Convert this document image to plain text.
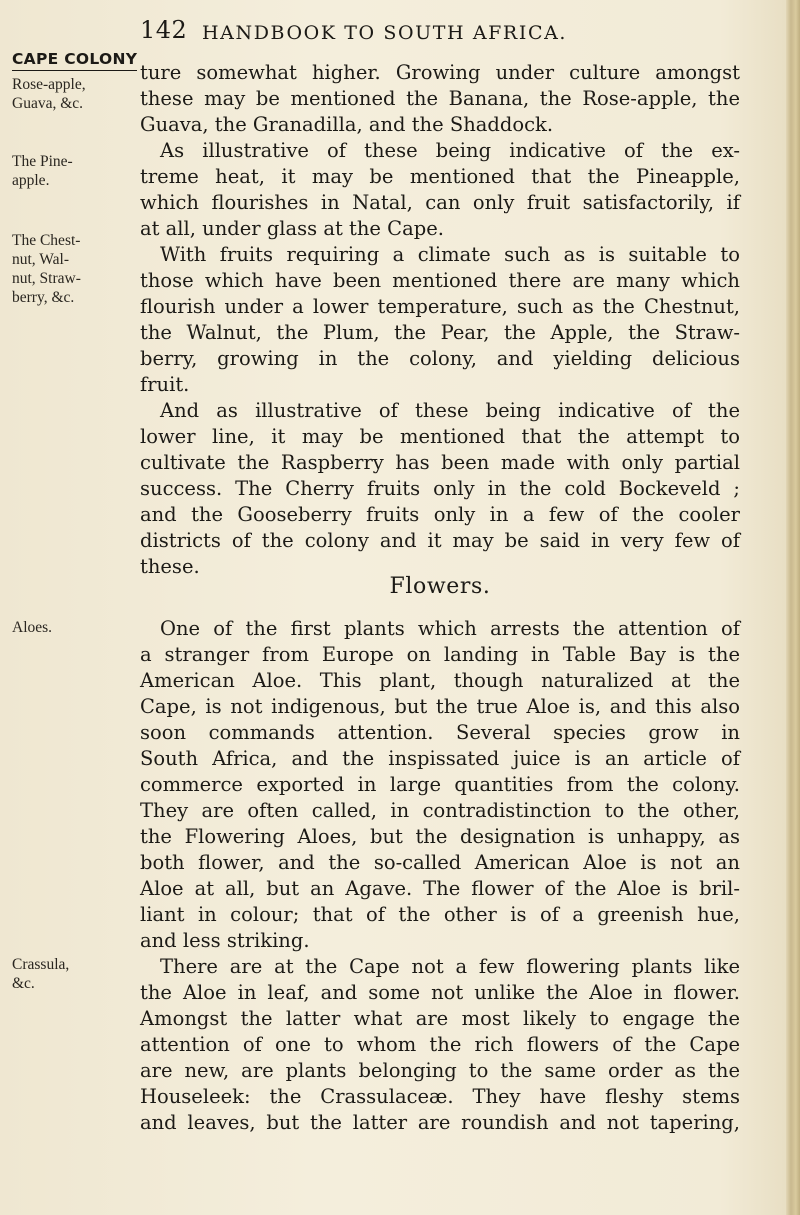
142 HANDBOOK TO SOUTH AFRICA.
CAPE COLONY
Rose-apple,
Guava, &c.
The Pine-
apple.
The Chest-
nut, Wal-
nut, Straw-
berry, &c.
Aloes.
Crassula,
&c.
ture somewhat higher. Growing under culture amongst
these may be mentioned the Banana, the Rose-apple, the
Guava, the Granadilla, and the Shaddock.
As illustrative of these being indicative of the ex-
treme heat, it may be mentioned that the Pineapple,
which flourishes in Natal, can only fruit satisfactorily, if
at all, under glass at the Cape.
With fruits requiring a climate such as is suitable to
those which have been mentioned there are many which
flourish under a lower temperature, such as the Chestnut,
the Walnut, the Plum, the Pear, the Apple, the Straw-
berry, growing in the colony, and yielding delicious
fruit.
And as illustrative of these being indicative of the
lower line, it may be mentioned that the attempt to
cultivate the Raspberry has been made with only partial
success. The Cherry fruits only in the cold Bockeveld ;
and the Gooseberry fruits only in a few of the cooler
districts of the colony and it may be said in very few of
these.
Flowers.
One of the first plants which arrests the attention of
a stranger from Europe on landing in Table Bay is the
American Aloe. This plant, though naturalized at the
Cape, is not indigenous, but the true Aloe is, and this also
soon commands attention. Several species grow in
South Africa, and the inspissated juice is an article of
commerce exported in large quantities from the colony.
They are often called, in contradistinction to the other,
the Flowering Aloes, but the designation is unhappy, as
both flower, and the so-called American Aloe is not an
Aloe at all, but an Agave. The flower of the Aloe is bril-
liant in colour; that of the other is of a greenish hue,
and less striking.
There are at the Cape not a few flowering plants like
the Aloe in leaf, and some not unlike the Aloe in flower.
Amongst the latter what are most likely to engage the
attention of one to whom the rich flowers of the Cape
are new, are plants belonging to the same order as the
Houseleek: the Crassulaceæ. They have fleshy stems
and leaves, but the latter are roundish and not tapering,
